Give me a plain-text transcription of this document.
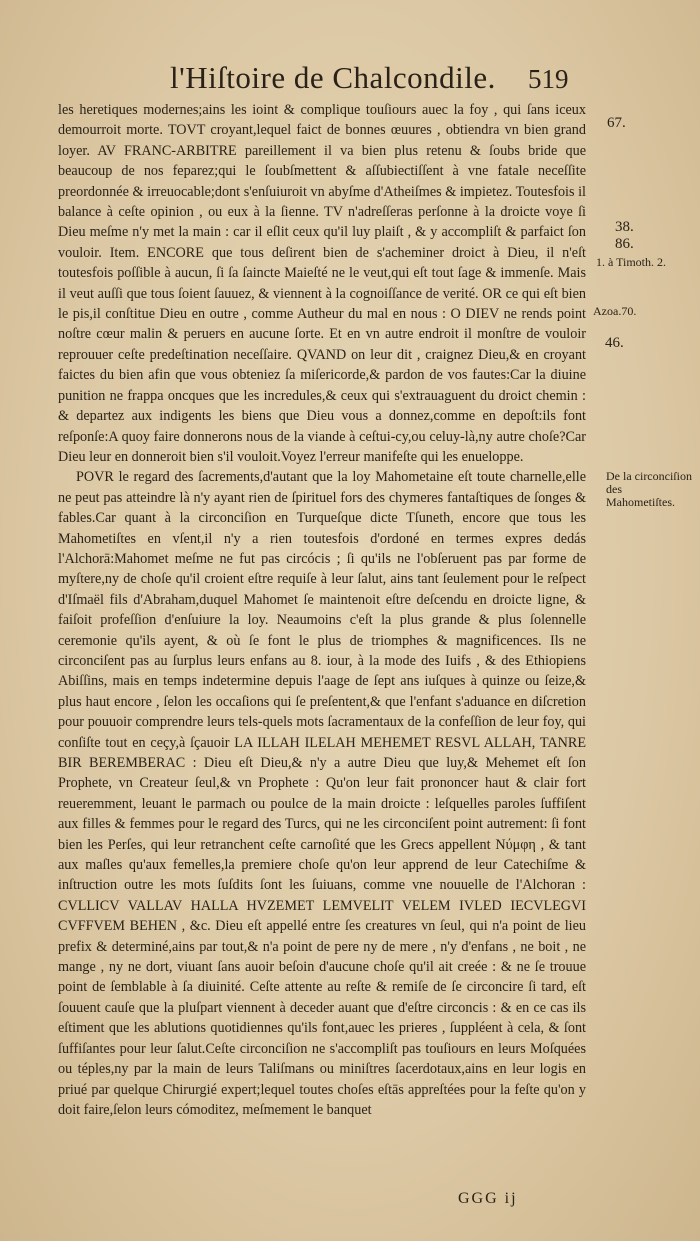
l'Hiſtoire de Chalcondile. 519

les heretiques modernes;ains les ioint & complique touſiours auec la foy , qui ſans iceux demourroit morte. TOVT croyant,lequel faict de bonnes œuures , obtiendra vn bien grand loyer. AV FRANC-ARBITRE pareillement il va bien plus retenu & ſoubs bride que beaucoup de nos feparez;qui le ſoubſmettent & aſſubiectiſſent à vne fatale neceſſite preordonnée & irreuocable;dont s'enſuiuroit vn abyſme d'Atheiſmes & impietez. Toutesfois il balance à ceſte opinion , ou eux à la ſienne. TV n'adreſſeras perſonne à la droicte voye ſi Dieu meſme n'y met la main : car il eſlit ceux qu'il luy plaiſt , & y accompliſt & parfaict ſon vouloir. Item. ENCORE que tous deſirent bien de s'acheminer droict à Dieu, il n'eſt toutesfois poſſible à aucun, ſi ſa ſaincte Maieſté ne le veut,qui eſt tout ſage & immenſe. Mais il veut auſſi que tous ſoient ſauuez, & viennent à la cognoiſſance de verité. OR ce qui eſt bien le pis,il conſtitue Dieu en outre , comme Autheur du mal en nous : O DIEV ne rends point noſtre cœur malin & peruers en aucune ſorte. Et en vn autre endroit il monſtre de vouloir reprouuer ceſte predeſtination neceſſaire. QVAND on leur dit , craignez Dieu,& en croyant faictes du bien afin que vous obteniez ſa miſericorde,& pardon de vos fautes:Car la diuine punition ne frappa oncques que les incredules,& ceux qui s'extrauaguent du droict chemin : & departez aux indigents les biens que Dieu vous a donnez,comme en depoſt:ils font reſponſe:A quoy faire donnerons nous de la viande à ceſtui-cy,ou celuy-là,ny autre choſe?Car Dieu leur en donneroit bien s'il vouloit.Voyez l'erreur manifeſte qui les enueloppe.

POVR le regard des ſacrements,d'autant que la loy Mahometaine eſt toute charnelle,elle ne peut pas atteindre là n'y ayant rien de ſpirituel fors des chymeres fantaſtiques de ſonges & fables.Car quant à la circonciſion en Turqueſque dicte Tſuneth, encore que tous les Mahometiſtes en vſent,il n'y a rien toutesfois d'ordoné en termes expres dedás l'Alchorā:Mahomet meſme ne fut pas circócis ; ſi qu'ils ne l'obſeruent pas par forme de myſtere,ny de choſe qu'il croient eſtre requiſe à leur ſalut, ains tant ſeulement pour le reſpect d'Iſmaël fils d'Abraham,duquel Mahomet ſe maintenoit eſtre deſcendu en droicte ligne, & faiſoit profeſſion d'enſuiure la loy. Neaumoins c'eſt la plus grande & plus ſolennelle ceremonie qu'ils ayent, & où ſe font le plus de triomphes & magnificences. Ils ne circonciſent pas au ſurplus leurs enfans au 8. iour, à la mode des Iuifs , & des Ethiopiens Abiſſins, mais en temps indetermine depuis l'aage de ſept ans iuſques à quinze ou ſeize,& plus haut encore , ſelon les occaſions qui ſe preſentent,& que l'enfant s'aduance en diſcretion pour pouuoir comprendre leurs tels-quels mots ſacramentaux de la confeſſion de leur foy, qui conſiſte tout en ceçy,à ſçauoir LA ILLAH ILELAH MEHEMET RESVL ALLAH, TANRE BIR BEREMBERAC : Dieu eſt Dieu,& n'y a autre Dieu que luy,& Mehemet eſt ſon Prophete, vn Createur ſeul,& vn Prophete : Qu'on leur fait prononcer haut & clair fort reueremment, leuant le parmach ou poulce de la main droicte : leſquelles paroles ſuffiſent aux filles & femmes pour le regard des Turcs, qui ne les circonciſent point autrement: ſi font bien les Perſes, qui leur retranchent ceſte carnoſité que les Grecs appellent Νύμφη , & tant aux maſles qu'aux femelles,la premiere choſe qu'on leur apprend de leur Catechiſme & inſtruction outre les mots ſuſdits ſont les ſuiuans, comme vne nouuelle de l'Alchoran : CVLLICV VALLAV HALLA HVZEMET LEMVELIT VELEM IVLED IECVLEGVI CVFFVEM BEHEN , &c. Dieu eſt appellé entre ſes creatures vn ſeul, qui n'a point de lieu prefix & determiné,ains par tout,& n'a point de pere ny de mere , n'y d'enfans , ne boit , ne mange , ny ne dort, viuant ſans auoir beſoin d'aucune choſe qu'il ait creée : & ne ſe trouue point de ſemblable à ſa diuinité. Ceſte attente au reſte & remiſe de ſe circoncire ſi tard, eſt ſouuent cauſe que la pluſpart viennent à deceder auant que d'eſtre circoncis : & en ce cas ils eſtiment que les ablutions quotidiennes qu'ils font,auec les prieres , ſuppléent à cela, & ſont ſuffiſantes pour leur ſalut.Ceſte circonciſion ne s'accompliſt pas touſiours en leurs Moſquées ou téples,ny par la main de leurs Taliſmans ou miniſtres ſacerdotaux,ains en leur logis en priué par quelque Chirurgié expert;lequel toutes choſes eſtās appreſtées pour la feſte qu'on y doit faire,ſelon leurs cómoditez, meſmement le banquet

67.
38.
86.
1. à Timoth. 2.
Azoa.70.
46.
De la circonciſion des Mahometiſtes.
GGG ij
